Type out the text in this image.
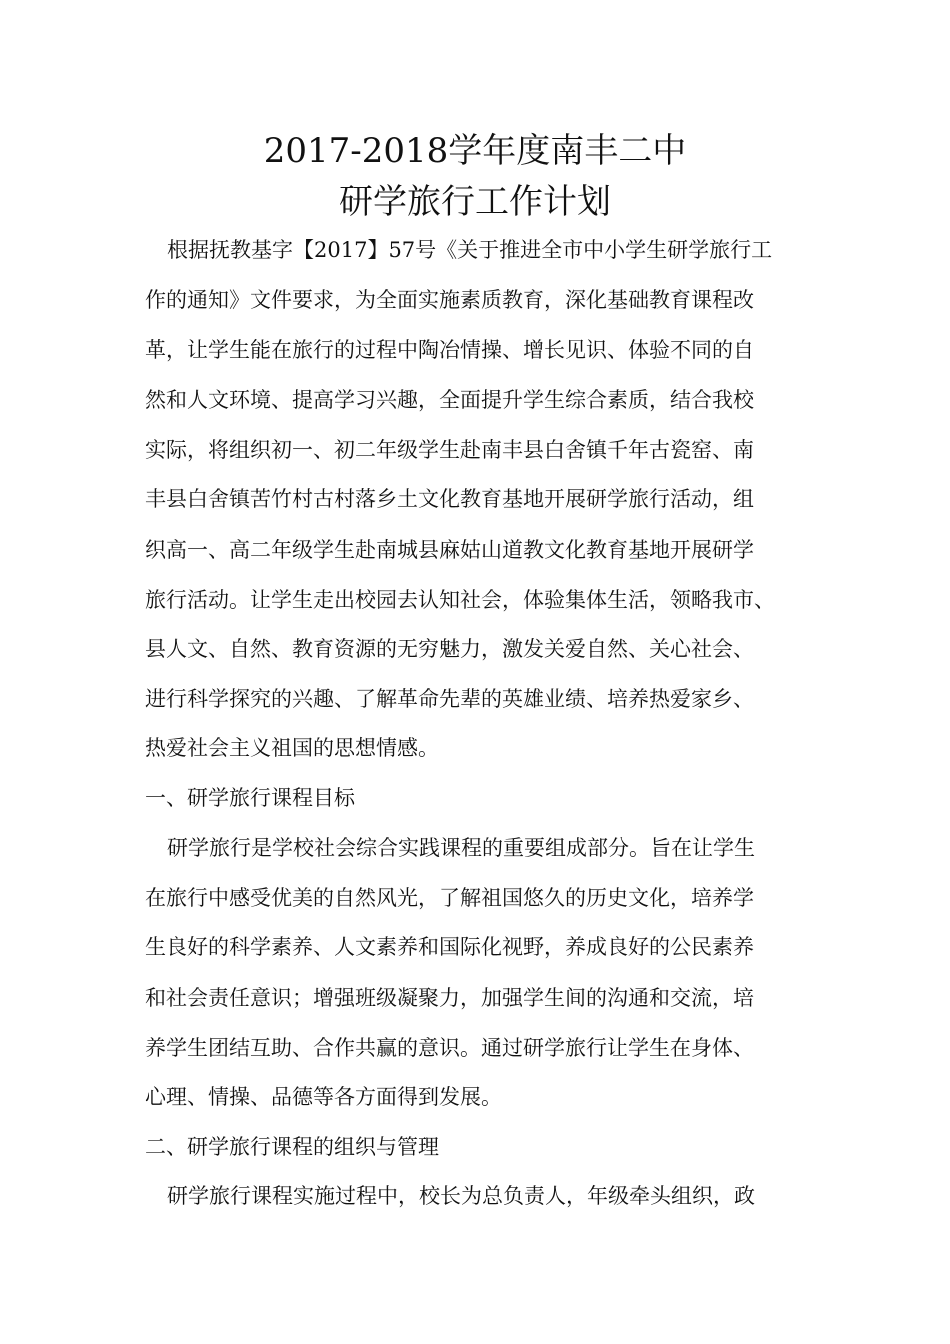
2017-2018学年度南丰二中
研学旅行工作计划
根据抚教基字【2017】57号《关于推进全市中小学生研学旅行工
作的通知》文件要求，为全面实施素质教育，深化基础教育课程改
革，让学生能在旅行的过程中陶冶情操、增长见识、体验不同的自
然和人文环境、提高学习兴趣，全面提升学生综合素质，结合我校
实际，将组织初一、初二年级学生赴南丰县白舍镇千年古瓷窑、南
丰县白舍镇苦竹村古村落乡土文化教育基地开展研学旅行活动，组
织高一、高二年级学生赴南城县麻姑山道教文化教育基地开展研学
旅行活动。让学生走出校园去认知社会，体验集体生活，领略我市、
县人文、自然、教育资源的无穷魅力，激发关爱自然、关心社会、
进行科学探究的兴趣、了解革命先辈的英雄业绩、培养热爱家乡、
热爱社会主义祖国的思想情感。
一、研学旅行课程目标
研学旅行是学校社会综合实践课程的重要组成部分。旨在让学生
在旅行中感受优美的自然风光，了解祖国悠久的历史文化，培养学
生良好的科学素养、人文素养和国际化视野，养成良好的公民素养
和社会责任意识；增强班级凝聚力，加强学生间的沟通和交流，培
养学生团结互助、合作共赢的意识。通过研学旅行让学生在身体、
心理、情操、品德等各方面得到发展。
二、研学旅行课程的组织与管理
研学旅行课程实施过程中，校长为总负责人，年级牵头组织，政
